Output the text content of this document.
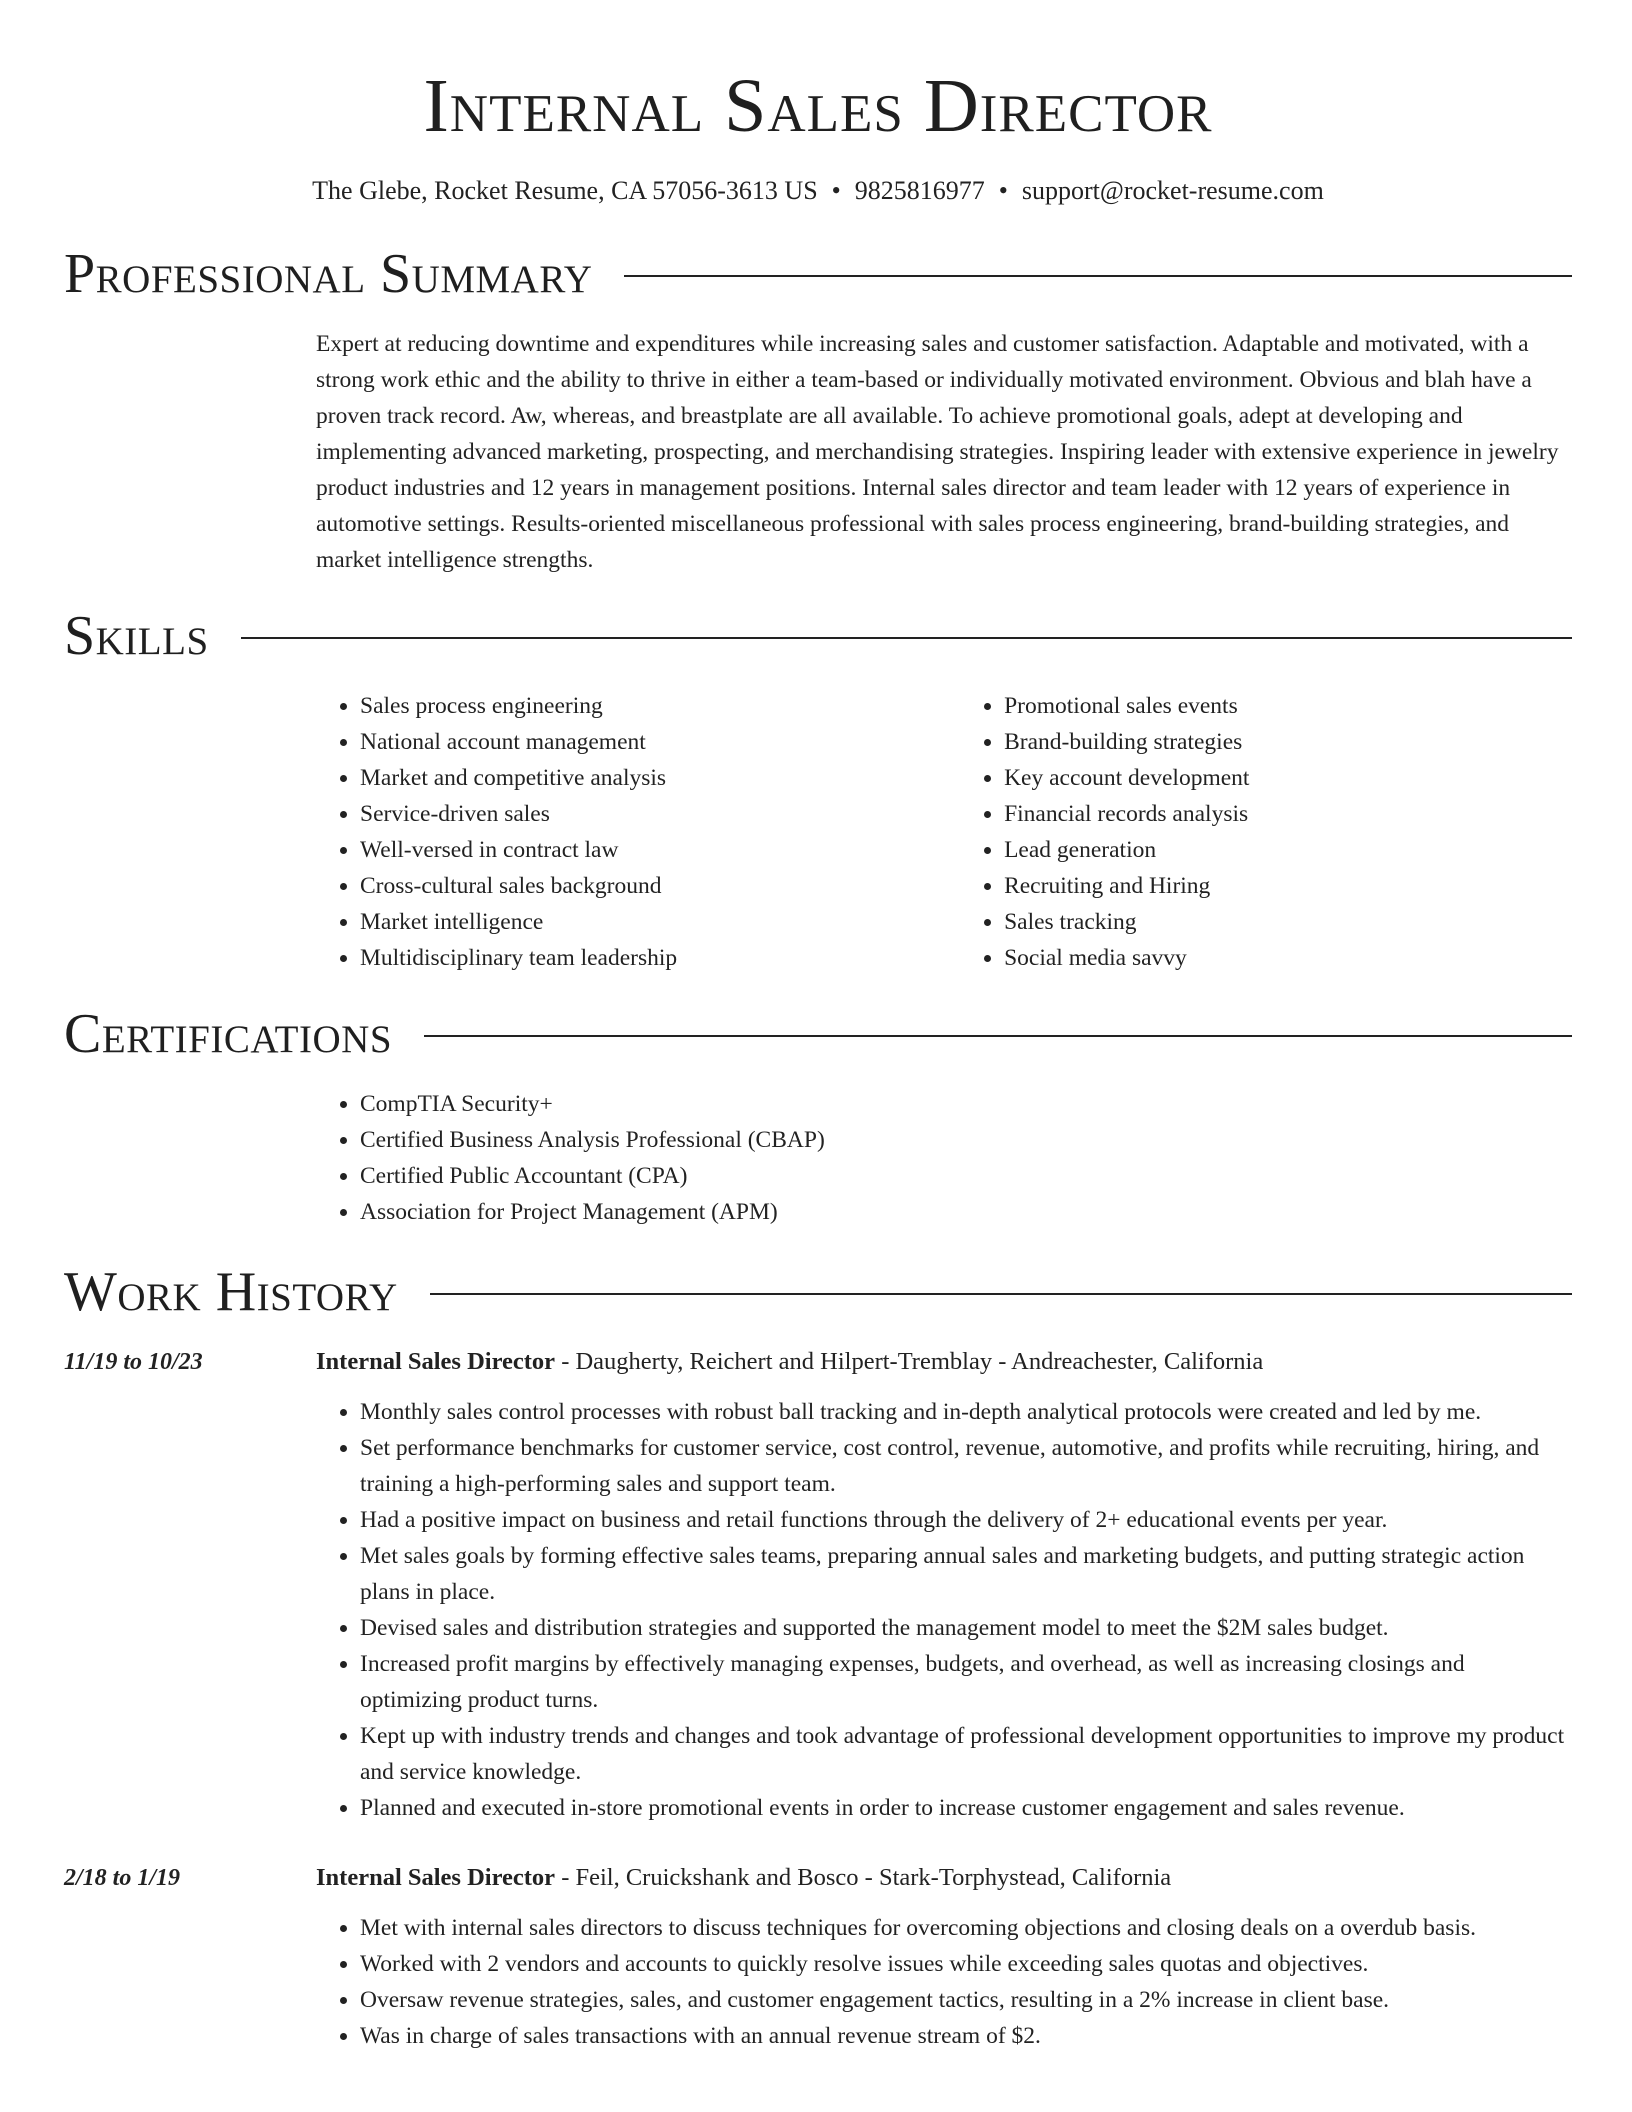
Internal Sales Director
The Glebe, Rocket Resume, CA 57056-3613 US • 9825816977 • support@rocket-resume.com
Professional Summary
Expert at reducing downtime and expenditures while increasing sales and customer satisfaction. Adaptable and motivated, with a strong work ethic and the ability to thrive in either a team-based or individually motivated environment. Obvious and blah have a proven track record. Aw, whereas, and breastplate are all available. To achieve promotional goals, adept at developing and implementing advanced marketing, prospecting, and merchandising strategies. Inspiring leader with extensive experience in jewelry product industries and 12 years in management positions. Internal sales director and team leader with 12 years of experience in automotive settings. Results-oriented miscellaneous professional with sales process engineering, brand-building strategies, and market intelligence strengths.
Skills
• Sales process engineering
• National account management
• Market and competitive analysis
• Service-driven sales
• Well-versed in contract law
• Cross-cultural sales background
• Market intelligence
• Multidisciplinary team leadership
• Promotional sales events
• Brand-building strategies
• Key account development
• Financial records analysis
• Lead generation
• Recruiting and Hiring
• Sales tracking
• Social media savvy
Certifications
• CompTIA Security+
• Certified Business Analysis Professional (CBAP)
• Certified Public Accountant (CPA)
• Association for Project Management (APM)
Work History
11/19 to 10/23	Internal Sales Director - Daugherty, Reichert and Hilpert-Tremblay - Andreachester, California
• Monthly sales control processes with robust ball tracking and in-depth analytical protocols were created and led by me.
• Set performance benchmarks for customer service, cost control, revenue, automotive, and profits while recruiting, hiring, and training a high-performing sales and support team.
• Had a positive impact on business and retail functions through the delivery of 2+ educational events per year.
• Met sales goals by forming effective sales teams, preparing annual sales and marketing budgets, and putting strategic action plans in place.
• Devised sales and distribution strategies and supported the management model to meet the $2M sales budget.
• Increased profit margins by effectively managing expenses, budgets, and overhead, as well as increasing closings and optimizing product turns.
• Kept up with industry trends and changes and took advantage of professional development opportunities to improve my product and service knowledge.
• Planned and executed in-store promotional events in order to increase customer engagement and sales revenue.
2/18 to 1/19	Internal Sales Director - Feil, Cruickshank and Bosco - Stark-Torphystead, California
• Met with internal sales directors to discuss techniques for overcoming objections and closing deals on a overdub basis.
• Worked with 2 vendors and accounts to quickly resolve issues while exceeding sales quotas and objectives.
• Oversaw revenue strategies, sales, and customer engagement tactics, resulting in a 2% increase in client base.
• Was in charge of sales transactions with an annual revenue stream of $2.
